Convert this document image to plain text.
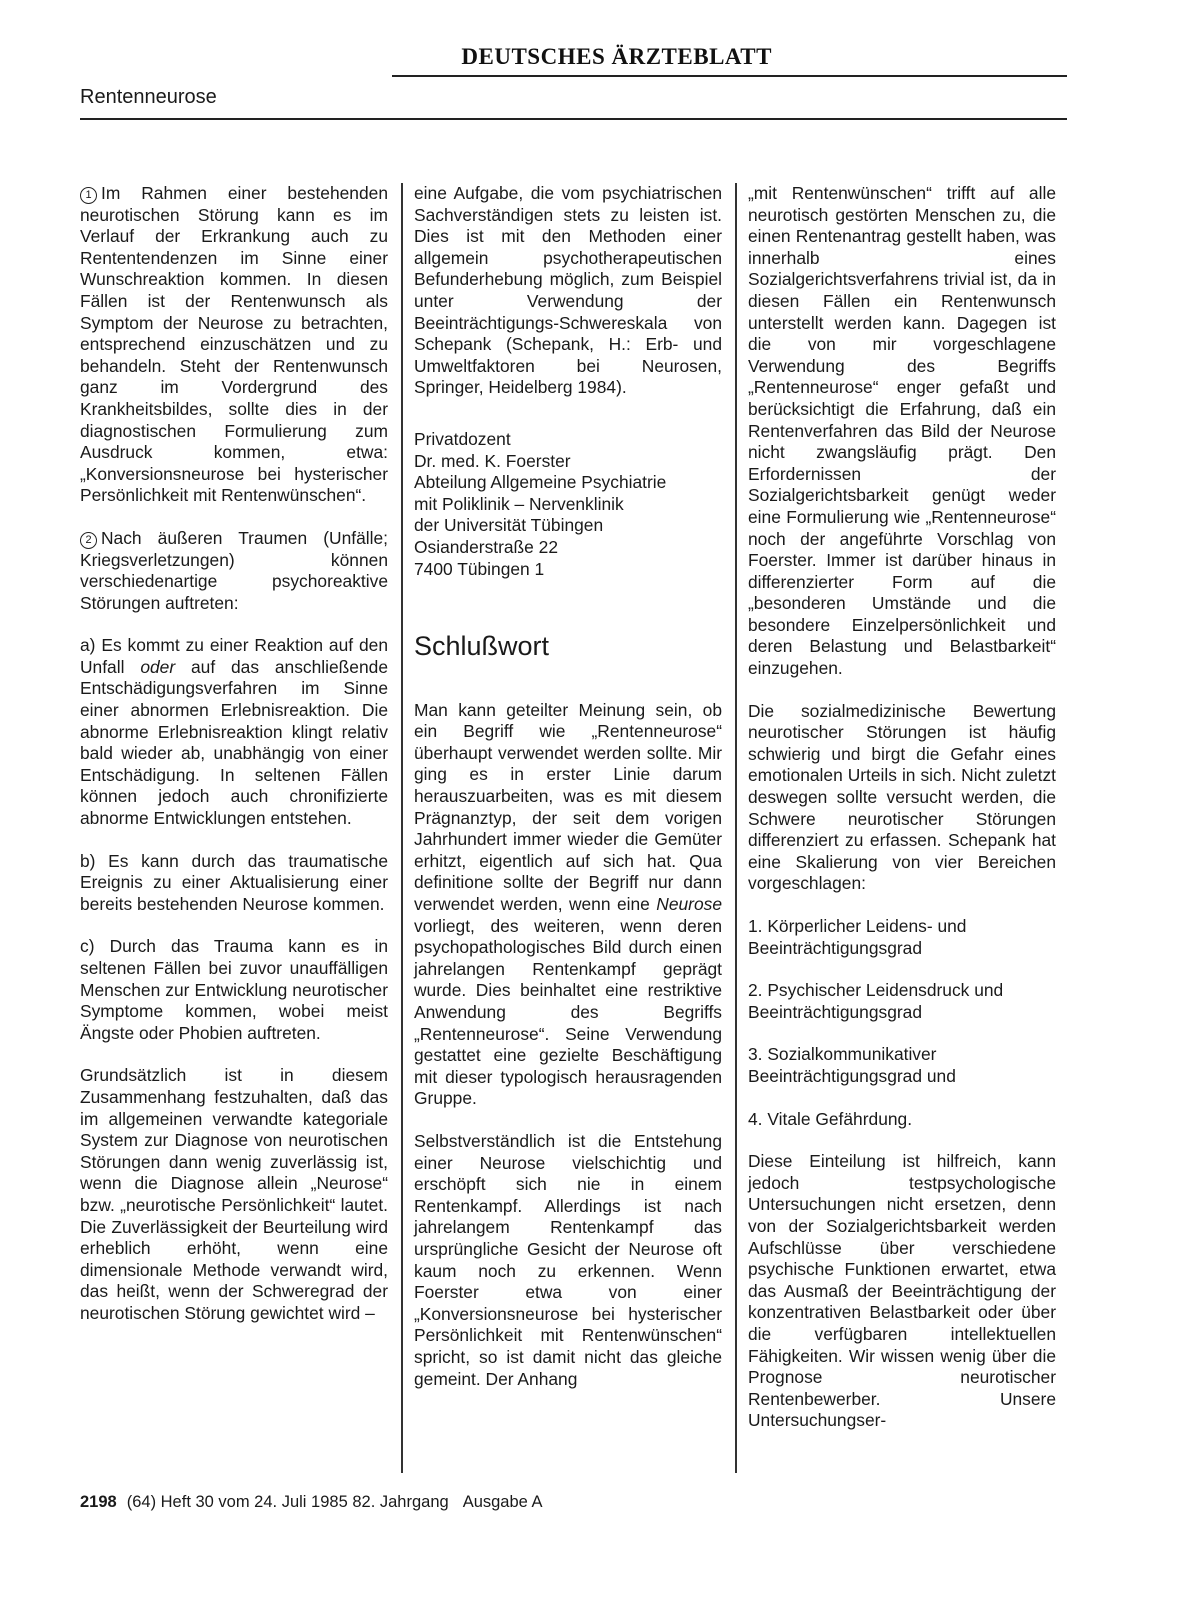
DEUTSCHES ÄRZTEBLATT
Rentenneurose

1 Im Rahmen einer bestehenden neurotischen Störung kann es im Verlauf der Erkrankung auch zu Rententendenzen im Sinne einer Wunschreaktion kommen. In diesen Fällen ist der Rentenwunsch als Symptom der Neurose zu betrachten, entsprechend einzuschätzen und zu behandeln. Steht der Rentenwunsch ganz im Vordergrund des Krankheitsbildes, sollte dies in der diagnostischen Formulierung zum Ausdruck kommen, etwa: „Konversionsneurose bei hysterischer Persönlichkeit mit Rentenwünschen“.

2 Nach äußeren Traumen (Unfälle; Kriegsverletzungen) können verschiedenartige psychoreaktive Störungen auftreten:

a) Es kommt zu einer Reaktion auf den Unfall oder auf das anschließende Entschädigungsverfahren im Sinne einer abnormen Erlebnisreaktion. Die abnorme Erlebnisreaktion klingt relativ bald wieder ab, unabhängig von einer Entschädigung. In seltenen Fällen können jedoch auch chronifizierte abnorme Entwicklungen entstehen.

b) Es kann durch das traumatische Ereignis zu einer Aktualisierung einer bereits bestehenden Neurose kommen.

c) Durch das Trauma kann es in seltenen Fällen bei zuvor unauffälligen Menschen zur Entwicklung neurotischer Symptome kommen, wobei meist Ängste oder Phobien auftreten.

Grundsätzlich ist in diesem Zusammenhang festzuhalten, daß das im allgemeinen verwandte kategoriale System zur Diagnose von neurotischen Störungen dann wenig zuverlässig ist, wenn die Diagnose allein „Neurose“ bzw. „neurotische Persönlichkeit“ lautet. Die Zuverlässigkeit der Beurteilung wird erheblich erhöht, wenn eine dimensionale Methode verwandt wird, das heißt, wenn der Schweregrad der neurotischen Störung gewichtet wird –

eine Aufgabe, die vom psychiatrischen Sachverständigen stets zu leisten ist. Dies ist mit den Methoden einer allgemein psychotherapeutischen Befunderhebung möglich, zum Beispiel unter Verwendung der Beeinträchtigungs-Schwereskala von Schepank (Schepank, H.: Erb- und Umweltfaktoren bei Neurosen, Springer, Heidelberg 1984).

Privatdozent
Dr. med. K. Foerster
Abteilung Allgemeine Psychiatrie
mit Poliklinik – Nervenklinik
der Universität Tübingen
Osianderstraße 22
7400 Tübingen 1
Schlußwort

Man kann geteilter Meinung sein, ob ein Begriff wie „Rentenneurose“ überhaupt verwendet werden sollte. Mir ging es in erster Linie darum herauszuarbeiten, was es mit diesem Prägnanztyp, der seit dem vorigen Jahrhundert immer wieder die Gemüter erhitzt, eigentlich auf sich hat. Qua definitione sollte der Begriff nur dann verwendet werden, wenn eine Neurose vorliegt, des weiteren, wenn deren psychopathologisches Bild durch einen jahrelangen Rentenkampf geprägt wurde. Dies beinhaltet eine restriktive Anwendung des Begriffs „Rentenneurose“. Seine Verwendung gestattet eine gezielte Beschäftigung mit dieser typologisch herausragenden Gruppe.

Selbstverständlich ist die Entstehung einer Neurose vielschichtig und erschöpft sich nie in einem Rentenkampf. Allerdings ist nach jahrelangem Rentenkampf das ursprüngliche Gesicht der Neurose oft kaum noch zu erkennen. Wenn Foerster etwa von einer „Konversionsneurose bei hysterischer Persönlichkeit mit Rentenwünschen“ spricht, so ist damit nicht das gleiche gemeint. Der Anhang

„mit Rentenwünschen“ trifft auf alle neurotisch gestörten Menschen zu, die einen Rentenantrag gestellt haben, was innerhalb eines Sozialgerichtsverfahrens trivial ist, da in diesen Fällen ein Rentenwunsch unterstellt werden kann. Dagegen ist die von mir vorgeschlagene Verwendung des Begriffs „Rentenneurose“ enger gefaßt und berücksichtigt die Erfahrung, daß ein Rentenverfahren das Bild der Neurose nicht zwangsläufig prägt. Den Erfordernissen der Sozialgerichtsbarkeit genügt weder eine Formulierung wie „Rentenneurose“ noch der angeführte Vorschlag von Foerster. Immer ist darüber hinaus in differenzierter Form auf die „besonderen Umstände und die besondere Einzelpersönlichkeit und deren Belastung und Belastbarkeit“ einzugehen.

Die sozialmedizinische Bewertung neurotischer Störungen ist häufig schwierig und birgt die Gefahr eines emotionalen Urteils in sich. Nicht zuletzt deswegen sollte versucht werden, die Schwere neurotischer Störungen differenziert zu erfassen. Schepank hat eine Skalierung von vier Bereichen vorgeschlagen:

1. Körperlicher Leidens- und Beeinträchtigungsgrad

2. Psychischer Leidensdruck und Beeinträchtigungsgrad

3. Sozialkommunikativer Beeinträchtigungsgrad und

4. Vitale Gefährdung.

Diese Einteilung ist hilfreich, kann jedoch testpsychologische Untersuchungen nicht ersetzen, denn von der Sozialgerichtsbarkeit werden Aufschlüsse über verschiedene psychische Funktionen erwartet, etwa das Ausmaß der Beeinträchtigung der konzentrativen Belastbarkeit oder über die verfügbaren intellektuellen Fähigkeiten. Wir wissen wenig über die Prognose neurotischer Rentenbewerber. Unsere Untersuchungser-

2198 (64) Heft 30 vom 24. Juli 1985 82. Jahrgang Ausgabe A
